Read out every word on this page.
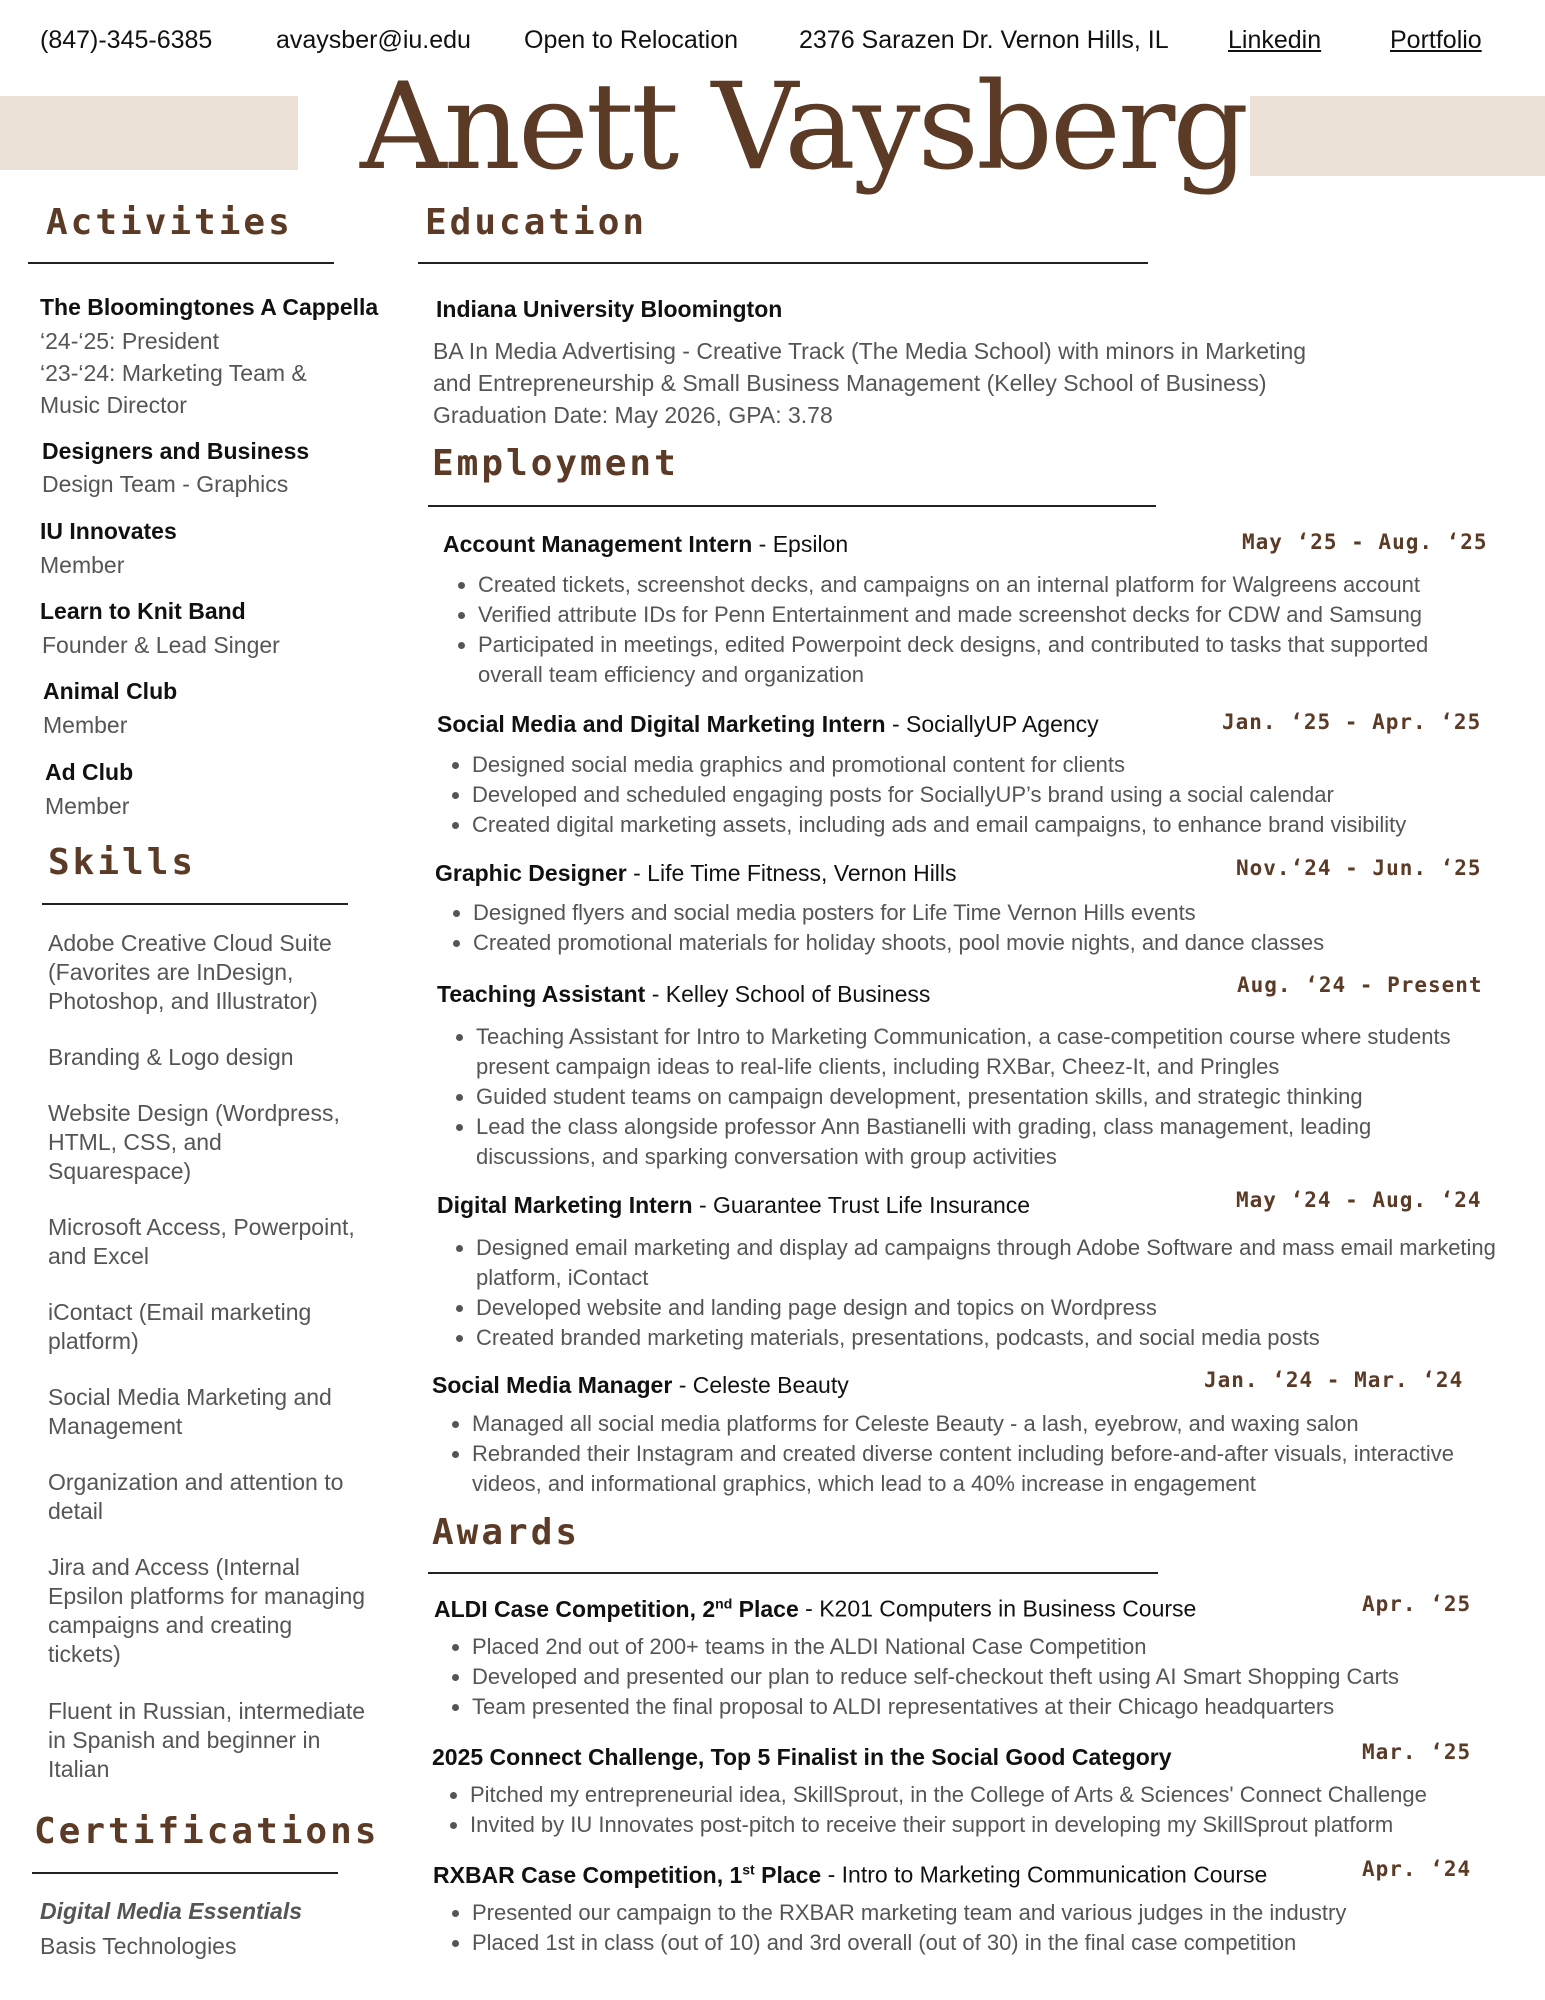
(847)-345-6385	avaysber@iu.edu Open to Relocation 2376 Sarazen Dr. Vernon Hills, IL Linkedin	Portfolio
Anett Vaysberg
Activities
The Bloomingtones A Cappella
‘24-‘25: President
‘23-‘24: Marketing Team &
Music Director
Designers and Business
Design Team - Graphics
IU Innovates
Member
Learn to Knit Band
Founder & Lead Singer
Animal Club
Member
Ad Club
Member
Skills
Adobe Creative Cloud Suite (Favorites are InDesign, Photoshop, and Illustrator)
Branding & Logo design
Website Design (Wordpress, HTML, CSS, and Squarespace)
Microsoft Access, Powerpoint, and Excel
iContact (Email marketing platform)
Social Media Marketing and Management
Organization and attention to detail
Jira and Access (Internal Epsilon platforms for managing campaigns and creating tickets)
Fluent in Russian, intermediate in Spanish and beginner in Italian
Certifications
Digital Media Essentials
Basis Technologies
Education
Indiana University Bloomington
BA In Media Advertising - Creative Track (The Media School) with minors in Marketing
and Entrepreneurship & Small Business Management (Kelley School of Business)
Graduation Date: May 2026, GPA: 3.78
Employment
Account Management Intern - Epsilon	May ‘25 - Aug. ‘25
• Created tickets, screenshot decks, and campaigns on an internal platform for Walgreens account
• Verified attribute IDs for Penn Entertainment and made screenshot decks for CDW and Samsung
• Participated in meetings, edited Powerpoint deck designs, and contributed to tasks that supported overall team efficiency and organization
Social Media and Digital Marketing Intern - SociallyUP Agency	Jan. ‘25 - Apr. ‘25
• Designed social media graphics and promotional content for clients
• Developed and scheduled engaging posts for SociallyUP’s brand using a social calendar
• Created digital marketing assets, including ads and email campaigns, to enhance brand visibility
Graphic Designer - Life Time Fitness, Vernon Hills	Nov.‘24 - Jun. ‘25
• Designed flyers and social media posters for Life Time Vernon Hills events
• Created promotional materials for holiday shoots, pool movie nights, and dance classes
Teaching Assistant - Kelley School of Business	Aug. ‘24 - Present
• Teaching Assistant for Intro to Marketing Communication, a case-competition course where students present campaign ideas to real-life clients, including RXBar, Cheez-It, and Pringles
• Guided student teams on campaign development, presentation skills, and strategic thinking
• Lead the class alongside professor Ann Bastianelli with grading, class management, leading discussions, and sparking conversation with group activities
Digital Marketing Intern - Guarantee Trust Life Insurance	May ‘24 - Aug. ‘24
• Designed email marketing and display ad campaigns through Adobe Software and mass email marketing platform, iContact
• Developed website and landing page design and topics on Wordpress
• Created branded marketing materials, presentations, podcasts, and social media posts
Social Media Manager - Celeste Beauty	Jan. ‘24 - Mar. ‘24
• Managed all social media platforms for Celeste Beauty - a lash, eyebrow, and waxing salon
• Rebranded their Instagram and created diverse content including before-and-after visuals, interactive videos, and informational graphics, which lead to a 40% increase in engagement
Awards
ALDI Case Competition, 2nd Place - K201 Computers in Business Course	Apr. ‘25
• Placed 2nd out of 200+ teams in the ALDI National Case Competition
• Developed and presented our plan to reduce self-checkout theft using AI Smart Shopping Carts
• Team presented the final proposal to ALDI representatives at their Chicago headquarters
2025 Connect Challenge, Top 5 Finalist in the Social Good Category	Mar. ‘25
• Pitched my entrepreneurial idea, SkillSprout, in the College of Arts & Sciences' Connect Challenge
• Invited by IU Innovates post-pitch to receive their support in developing my SkillSprout platform
RXBAR Case Competition, 1st Place - Intro to Marketing Communication Course	Apr. ‘24
• Presented our campaign to the RXBAR marketing team and various judges in the industry
• Placed 1st in class (out of 10) and 3rd overall (out of 30) in the final case competition
